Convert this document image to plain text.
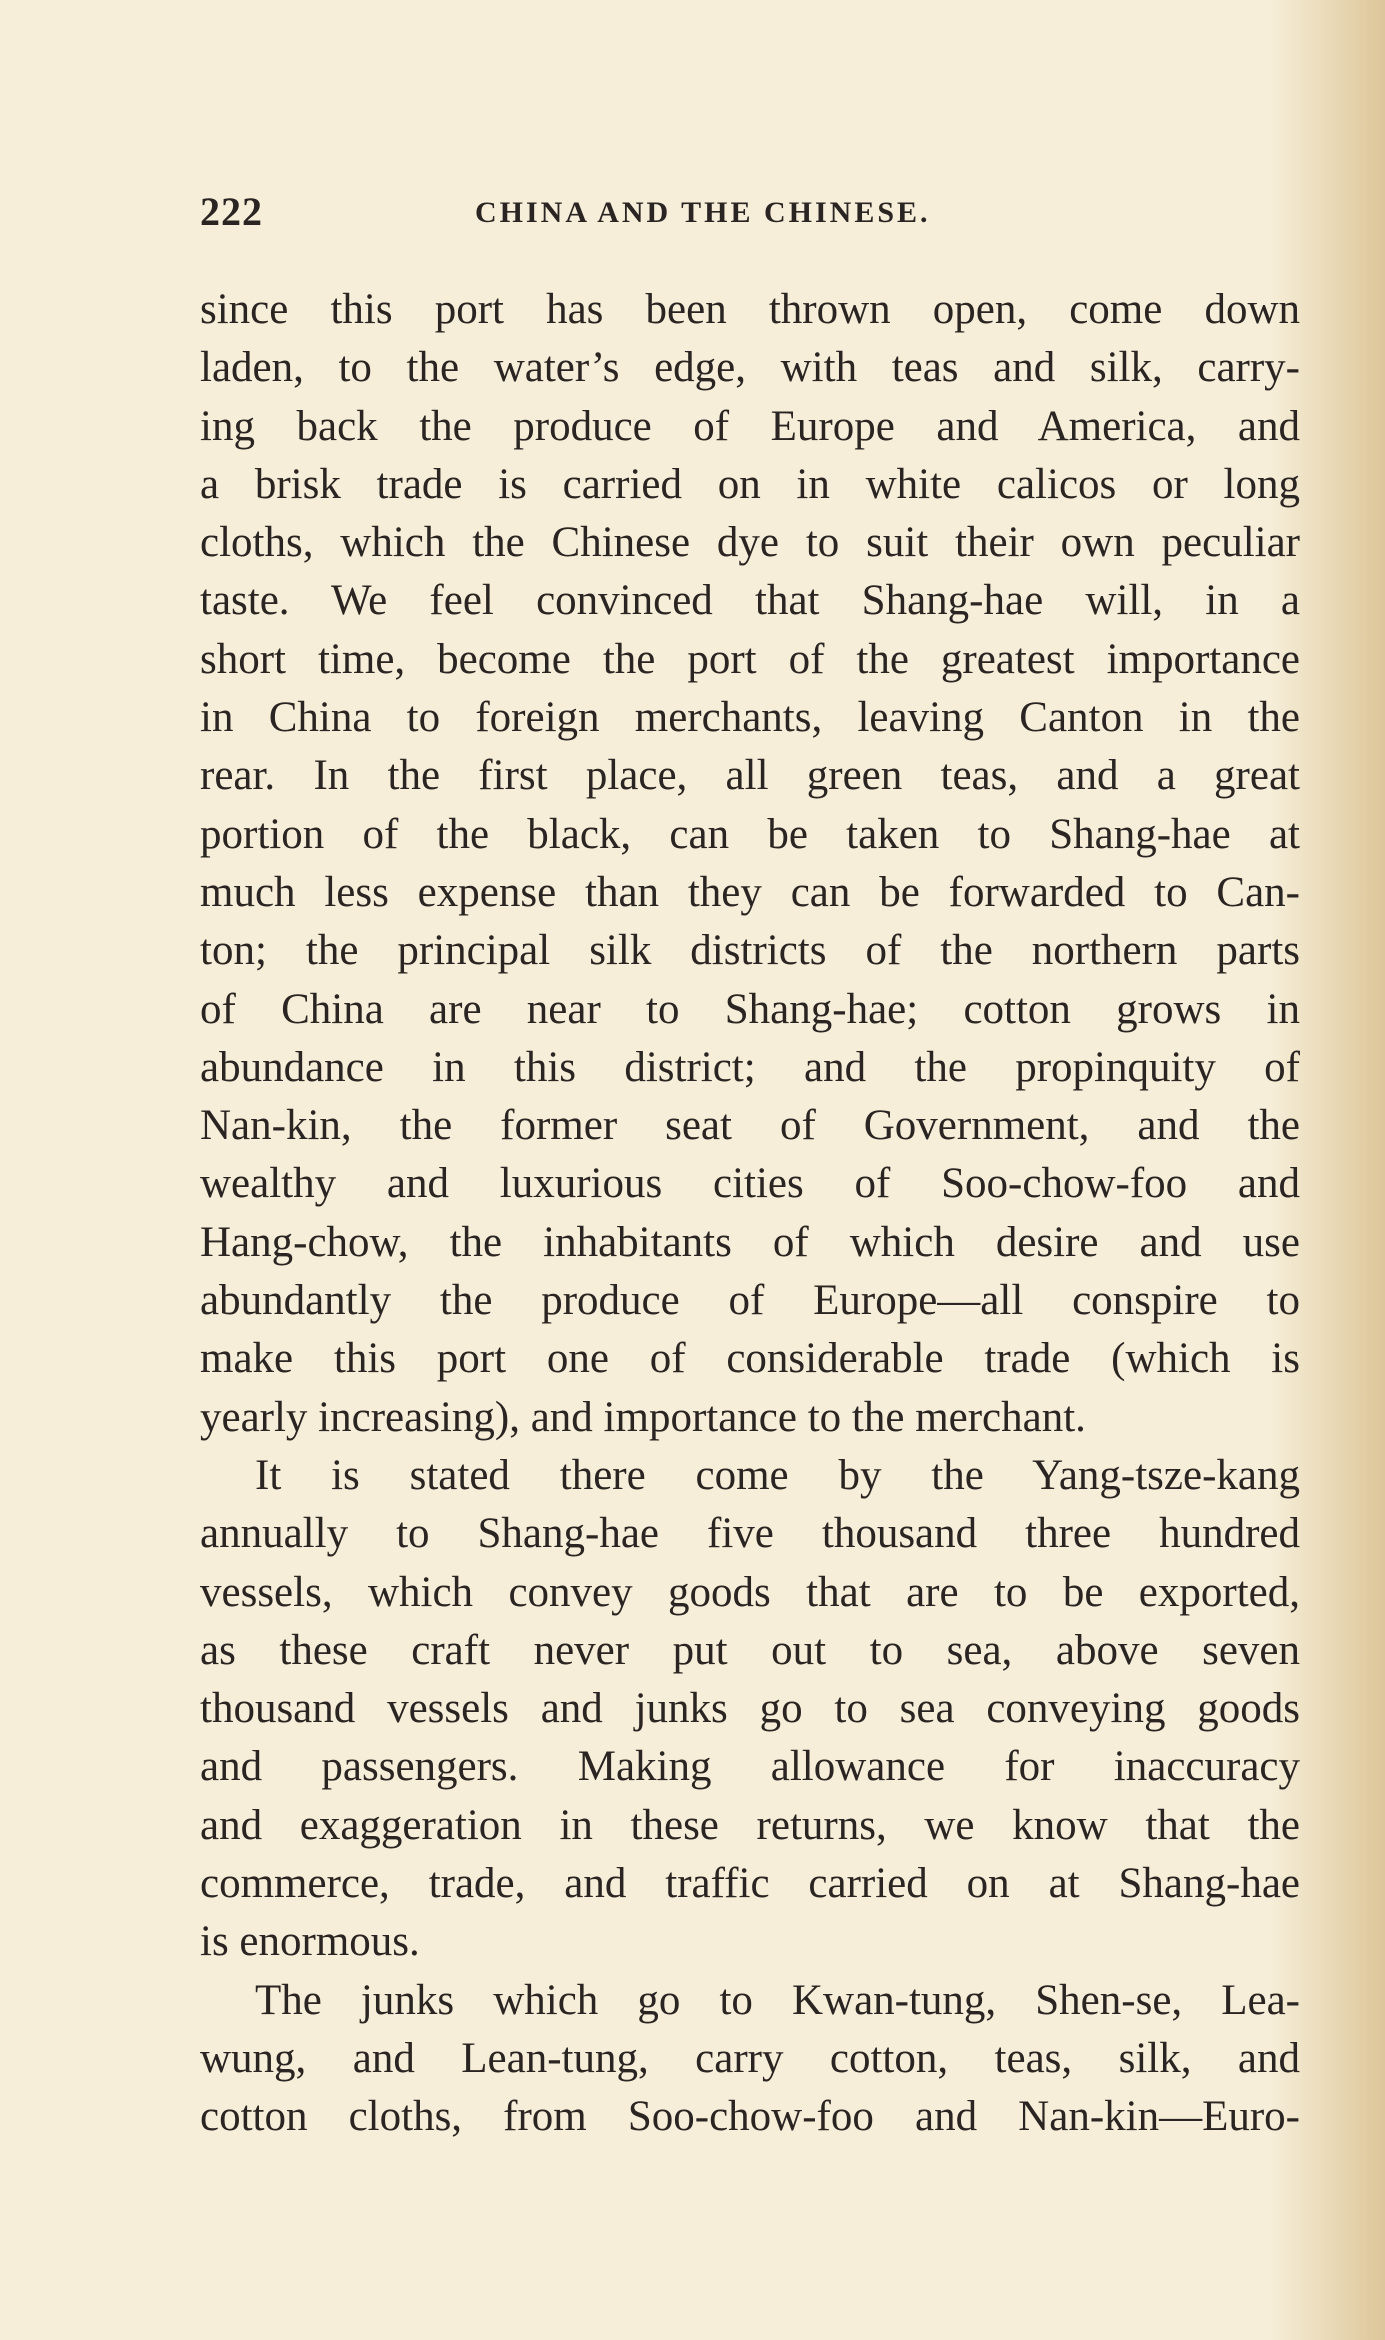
222	CHINA AND THE CHINESE.
since this port has been thrown open, come down
laden, to the water’s edge, with teas and silk, carry-
ing back the produce of Europe and America, and
a brisk trade is carried on in white calicos or long
cloths, which the Chinese dye to suit their own peculiar
taste. We feel convinced that Shang-hae will, in a
short time, become the port of the greatest importance
in China to foreign merchants, leaving Canton in the
rear. In the first place, all green teas, and a great
portion of the black, can be taken to Shang-hae at
much less expense than they can be forwarded to Can-
ton; the principal silk districts of the northern parts
of China are near to Shang-hae; cotton grows in
abundance in this district; and the propinquity of
Nan-kin, the former seat of Government, and the
wealthy and luxurious cities of Soo-chow-foo and
Hang-chow, the inhabitants of which desire and use
abundantly the produce of Europe—all conspire to
make this port one of considerable trade (which is
yearly increasing), and importance to the merchant.
It is stated there come by the Yang-tsze-kang
annually to Shang-hae five thousand three hundred
vessels, which convey goods that are to be exported,
as these craft never put out to sea, above seven
thousand vessels and junks go to sea conveying goods
and passengers. Making allowance for inaccuracy
and exaggeration in these returns, we know that the
commerce, trade, and traffic carried on at Shang-hae
is enormous.
The junks which go to Kwan-tung, Shen-se, Lea-
wung, and Lean-tung, carry cotton, teas, silk, and
cotton cloths, from Soo-chow-foo and Nan-kin—Euro-
